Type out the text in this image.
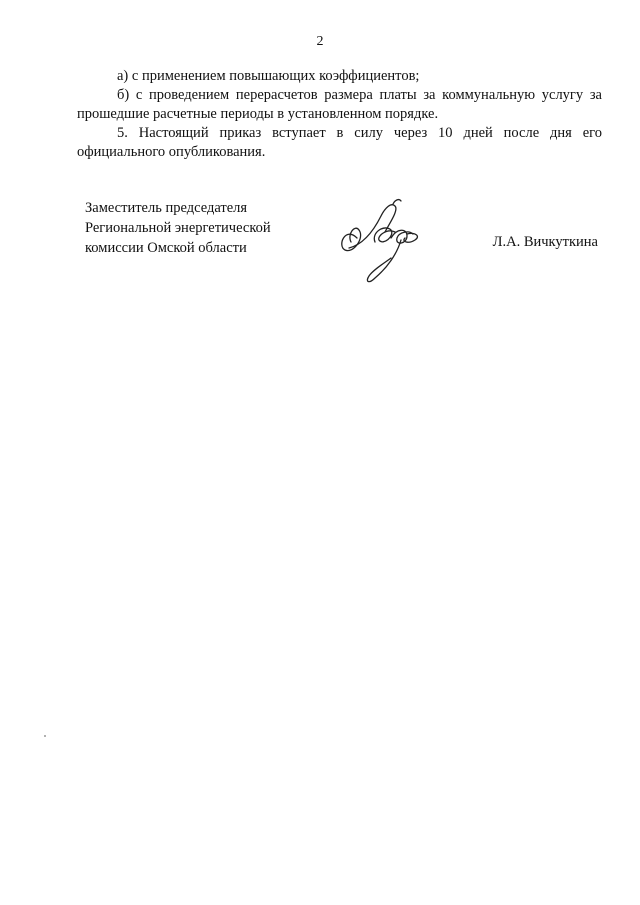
2

а) с применением повышающих коэффициентов;

б) с проведением перерасчетов размера платы за коммунальную услугу за прошедшие расчетные периоды в установленном порядке.

5. Настоящий приказ вступает в силу через 10 дней после дня его официального опубликования.

Заместитель председателя
Региональной энергетической
комиссии Омской области	Л.А. Вичкуткина
